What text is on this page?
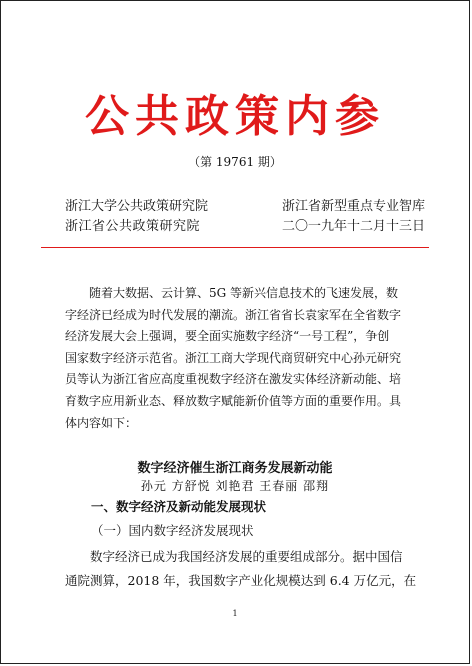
公共政策内参
（第 19761 期）
浙江大学公共政策研究院	浙江省新型重点专业智库
浙江省公共政策研究院	二〇一九年十二月十三日
随着大数据、云计算、5G 等新兴信息技术的飞速发展，数
字经济已经成为时代发展的潮流。浙江省省长袁家军在全省数字
经济发展大会上强调，要全面实施数字经济“一号工程”，争创
国家数字经济示范省。浙江工商大学现代商贸研究中心孙元研究
员等认为浙江省应高度重视数字经济在激发实体经济新动能、培
育数字应用新业态、释放数字赋能新价值等方面的重要作用。具
体内容如下：
数字经济催生浙江商务发展新动能
孙元 方舒悦 刘艳君 王春丽 邵翔
一、数字经济及新动能发展现状
（一）国内数字经济发展现状
数字经济已成为我国经济发展的重要组成部分。据中国信
通院测算，2018 年，我国数字产业化规模达到 6.4 万亿元，在
1
